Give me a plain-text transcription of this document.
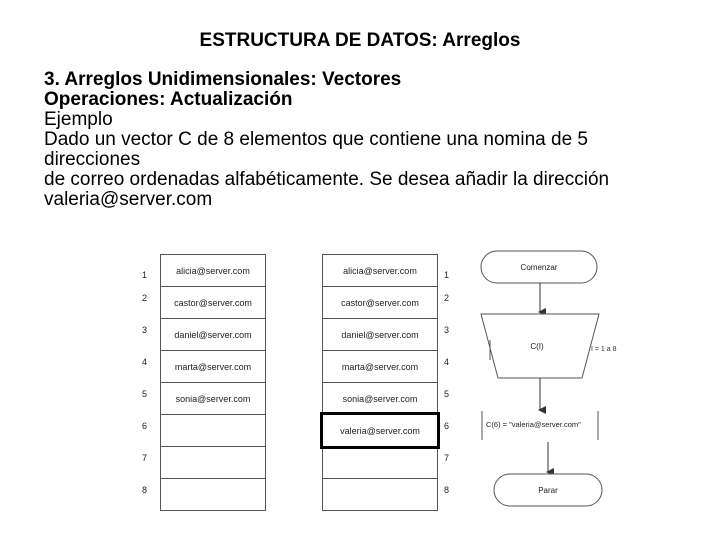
ESTRUCTURA DE DATOS: Arreglos
3. Arreglos Unidimensionales: Vectores
Operaciones: Actualización
Ejemplo
Dado un vector C de 8 elementos que contiene una nomina de 5
direcciones
de correo ordenadas alfabéticamente. Se desea añadir la dirección
valeria@server.com
1
2
3
4
5
6
7
8
alicia@server.com
castor@server.com
daniel@server.com
marta@server.com
sonia@server.com
alicia@server.com
castor@server.com
daniel@server.com
marta@server.com
sonia@server.com
valeria@server.com
1
2
3
4
5
6
7
8
Comenzar
C(I)	I = 1 a 8
C(6) = "valeria@server.com"
Parar
